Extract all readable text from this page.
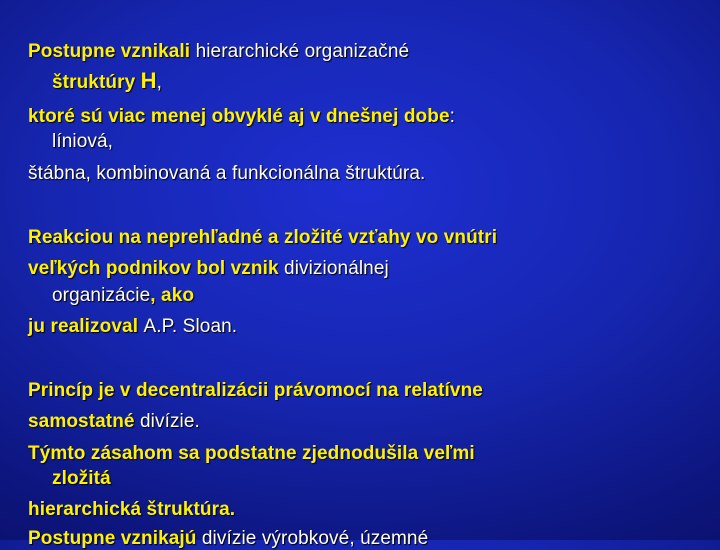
Postupne vznikali hierarchické organizačné
štruktúry H,
ktoré sú viac menej obvyklé aj v dnešnej dobe:
líniová,
štábna, kombinovaná a funkcionálna štruktúra.
Reakciou na neprehľadné a zložité vzťahy vo vnútri
veľkých podnikov bol vznik divizionálnej
organizácie, ako
ju realizoval A.P. Sloan.
Princíp je v decentralizácii právomocí na relatívne
samostatné divízie.
Týmto zásahom sa podstatne zjednodušila veľmi
zložitá
hierarchická štruktúra.
Postupne vznikajú divízie výrobkové, územné
